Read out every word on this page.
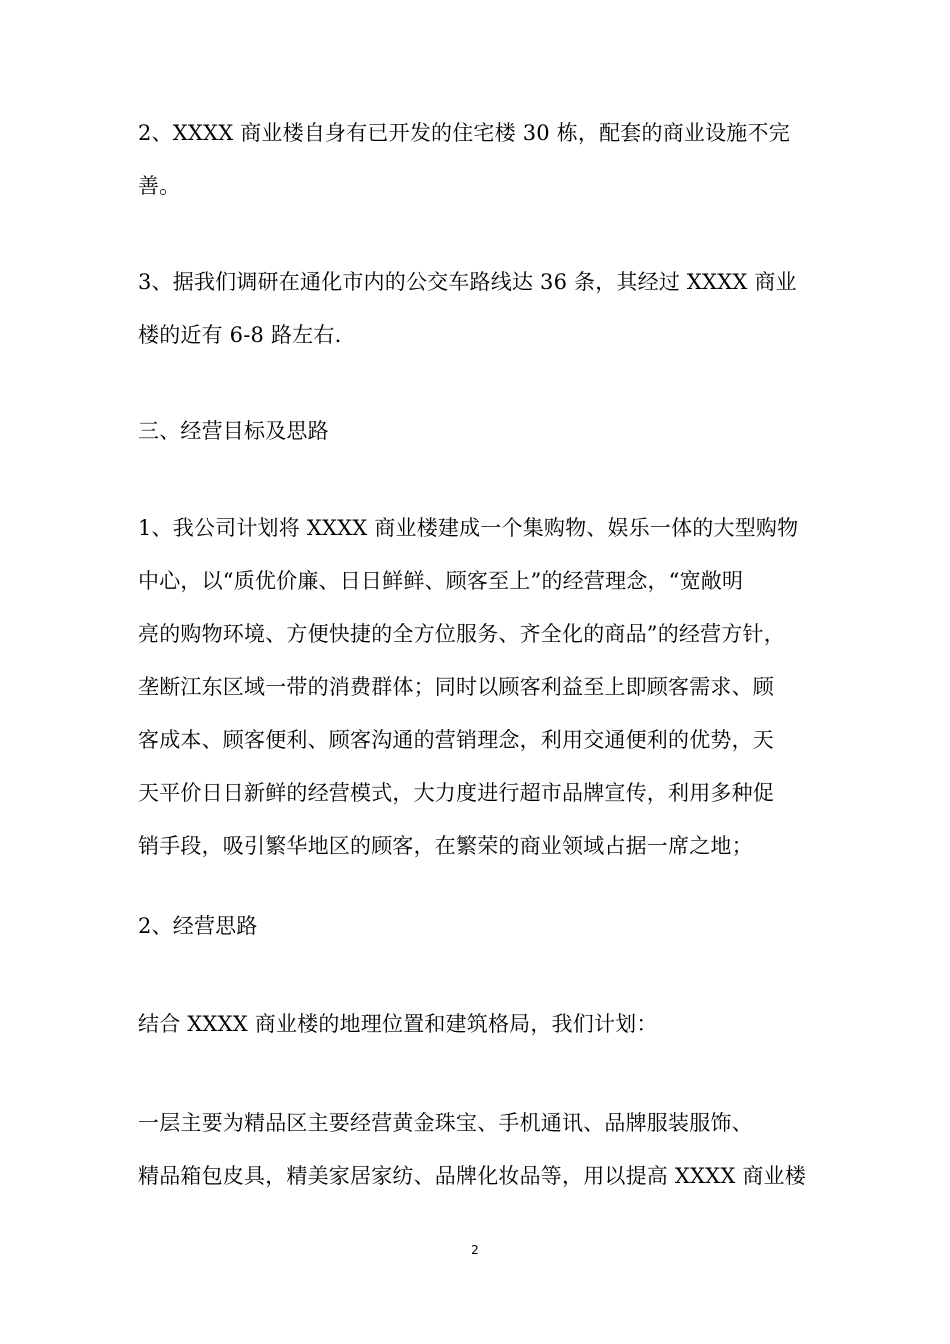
2、XXXX 商业楼自身有已开发的住宅楼 30 栋，配套的商业设施不完
善。

3、据我们调研在通化市内的公交车路线达 36 条，其经过 XXXX 商业
楼的近有 6-8 路左右.

三、经营目标及思路

1、我公司计划将 XXXX 商业楼建成一个集购物、娱乐一体的大型购物
中心，以“质优价廉、日日鲜鲜、顾客至上”的经营理念，“宽敞明
亮的购物环境、方便快捷的全方位服务、齐全化的商品”的经营方针，
垄断江东区域一带的消费群体；同时以顾客利益至上即顾客需求、顾
客成本、顾客便利、顾客沟通的营销理念，利用交通便利的优势，天
天平价日日新鲜的经营模式，大力度进行超市品牌宣传，利用多种促
销手段，吸引繁华地区的顾客，在繁荣的商业领域占据一席之地；

2、经营思路

结合 XXXX 商业楼的地理位置和建筑格局，我们计划：

一层主要为精品区主要经营黄金珠宝、手机通讯、品牌服装服饰、
精品箱包皮具，精美家居家纺、品牌化妆品等，用以提高 XXXX 商业楼

2
